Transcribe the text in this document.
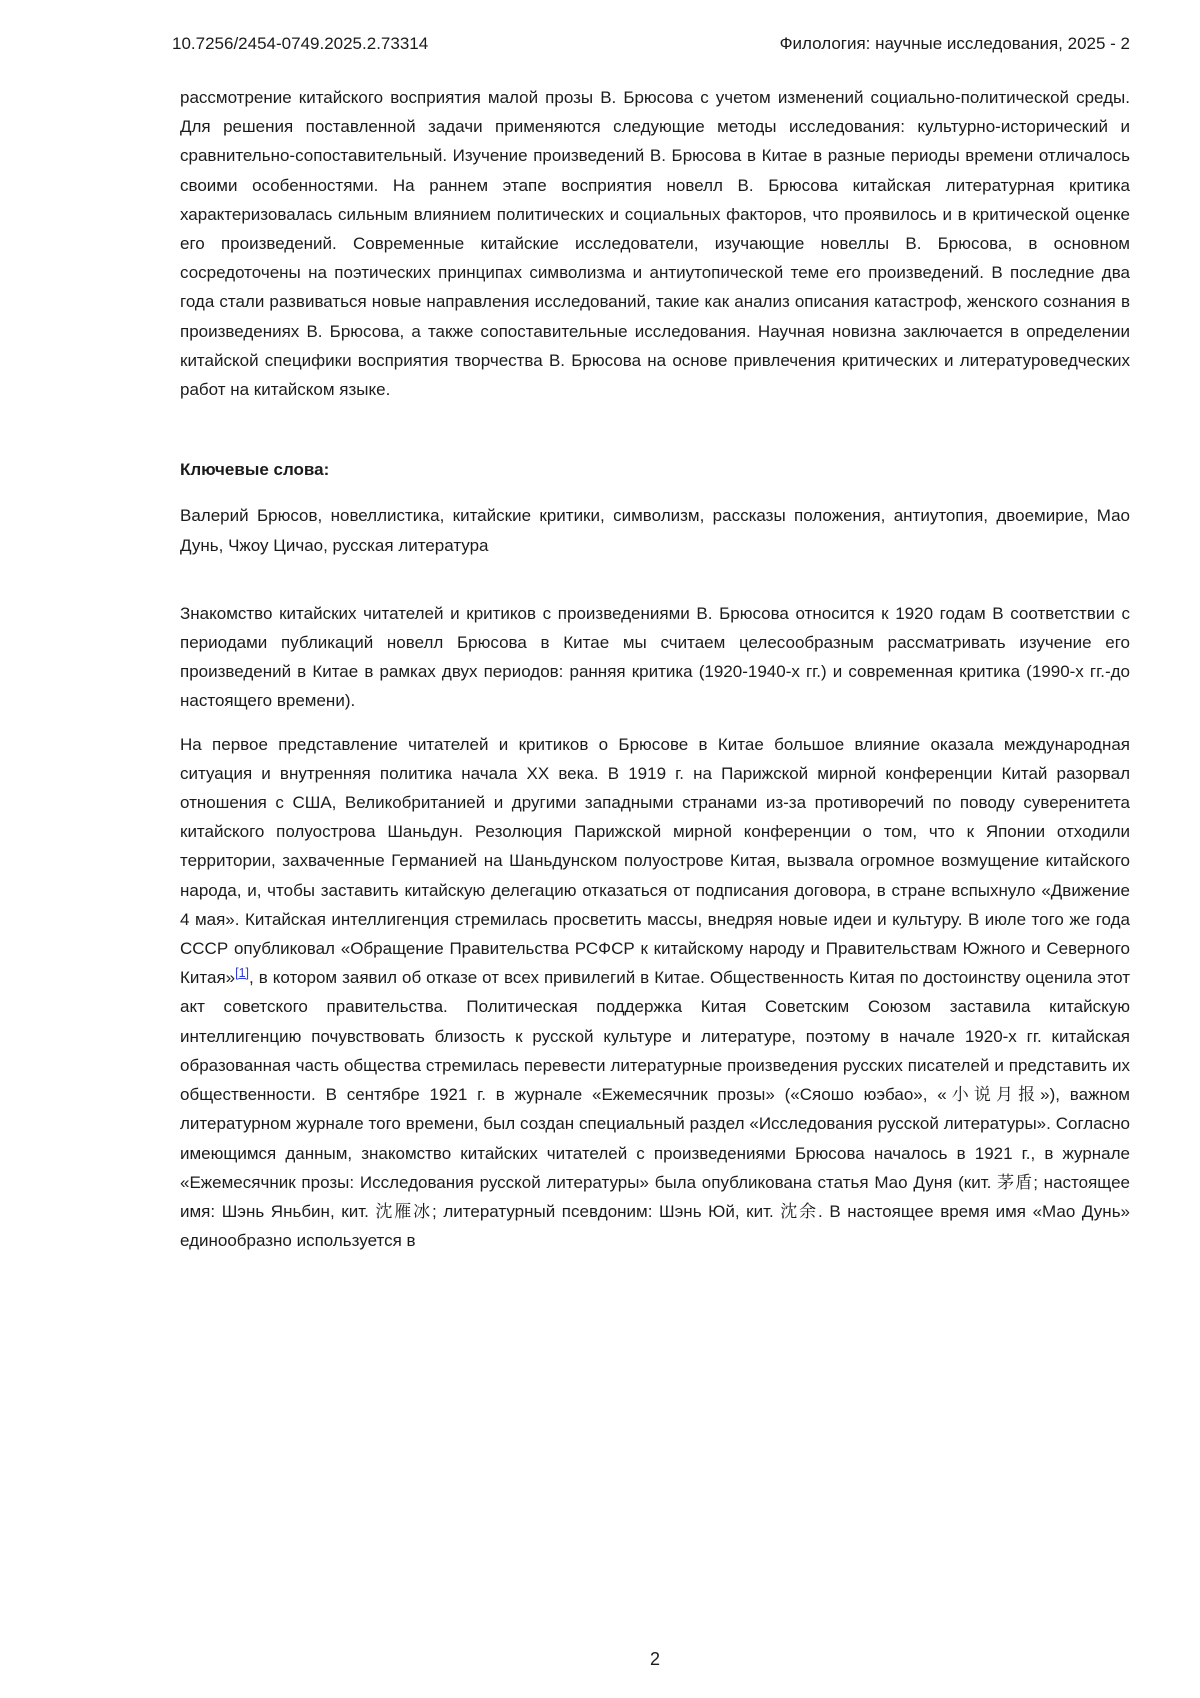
10.7256/2454-0749.2025.2.73314	Филология: научные исследования, 2025 - 2

рассмотрение китайского восприятия малой прозы В. Брюсова с учетом изменений социально-политической среды. Для решения поставленной задачи применяются следующие методы исследования: культурно-исторический и сравнительно-сопоставительный. Изучение произведений В. Брюсова в Китае в разные периоды времени отличалось своими особенностями. На раннем этапе восприятия новелл В. Брюсова китайская литературная критика характеризовалась сильным влиянием политических и социальных факторов, что проявилось и в критической оценке его произведений. Современные китайские исследователи, изучающие новеллы В. Брюсова, в основном сосредоточены на поэтических принципах символизма и антиутопической теме его произведений. В последние два года стали развиваться новые направления исследований, такие как анализ описания катастроф, женского сознания в произведениях В. Брюсова, а также сопоставительные исследования. Научная новизна заключается в определении китайской специфики восприятия творчества В. Брюсова на основе привлечения критических и литературоведческих работ на китайском языке.

Ключевые слова:

Валерий Брюсов, новеллистика, китайские критики, символизм, рассказы положения, антиутопия, двоемирие, Мао Дунь, Чжоу Цичао, русская литература

Знакомство китайских читателей и критиков с произведениями В. Брюсова относится к 1920 годам В соответствии с периодами публикаций новелл Брюсова в Китае мы считаем целесообразным рассматривать изучение его произведений в Китае в рамках двух периодов: ранняя критика (1920-1940-х гг.) и современная критика (1990-х гг.-до настоящего времени).

На первое представление читателей и критиков о Брюсове в Китае большое влияние оказала международная ситуация и внутренняя политика начала XX века. В 1919 г. на Парижской мирной конференции Китай разорвал отношения с США, Великобританией и другими западными странами из-за противоречий по поводу суверенитета китайского полуострова Шаньдун. Резолюция Парижской мирной конференции о том, что к Японии отходили территории, захваченные Германией на Шаньдунском полуострове Китая, вызвала огромное возмущение китайского народа, и, чтобы заставить китайскую делегацию отказаться от подписания договора, в стране вспыхнуло «Движение 4 мая». Китайская интеллигенция стремилась просветить массы, внедряя новые идеи и культуру. В июле того же года СССР опубликовал «Обращение Правительства РСФСР к китайскому народу и Правительствам Южного и Северного Китая»[1], в котором заявил об отказе от всех привилегий в Китае. Общественность Китая по достоинству оценила этот акт советского правительства. Политическая поддержка Китая Советским Союзом заставила китайскую интеллигенцию почувствовать близость к русской культуре и литературе, поэтому в начале 1920-х гг. китайская образованная часть общества стремилась перевести литературные произведения русских писателей и представить их общественности. В сентябре 1921 г. в журнале «Ежемесячник прозы» («Сяошо юэбао», «小说月报»), важном литературном журнале того времени, был создан специальный раздел «Исследования русской литературы». Согласно имеющимся данным, знакомство китайских читателей с произведениями Брюсова началось в 1921 г., в журнале «Ежемесячник прозы: Исследования русской литературы» была опубликована статья Мао Дуня (кит. 茅盾; настоящее имя: Шэнь Яньбин, кит. 沈雁冰; литературный псевдоним: Шэнь Юй, кит. 沈余. В настоящее время имя «Мао Дунь» единообразно используется в

2
